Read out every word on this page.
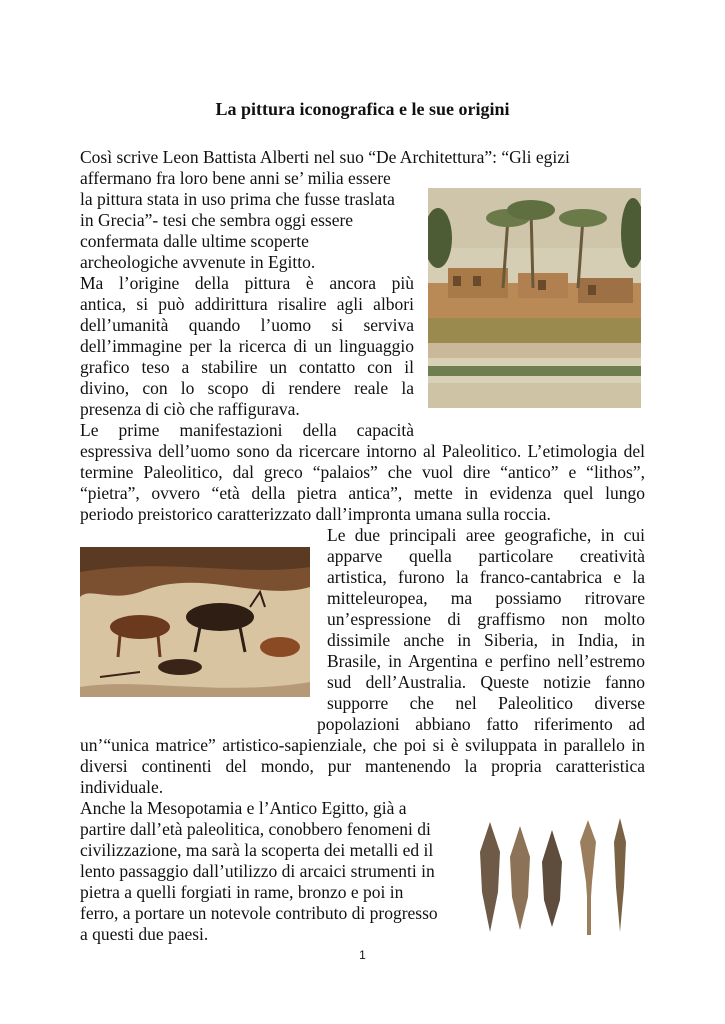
La pittura iconografica e le sue origini
Così scrive Leon Battista Alberti nel suo “De Architettura”: “Gli egizi
affermano fra loro bene anni se’ milia essere
la pittura stata in uso prima che fusse traslata
in Grecia”- tesi che sembra oggi essere
confermata dalle ultime scoperte
archeologiche avvenute in Egitto.
Ma l’origine della pittura è ancora più
antica, si può addirittura risalire agli albori
dell’umanità quando l’uomo si serviva
dell’immagine per la ricerca di un linguaggio
grafico teso a stabilire un contatto con il
divino, con lo scopo di rendere reale la
presenza di ciò che raffigurava.
Le prime manifestazioni della capacità
espressiva dell’uomo sono da ricercare intorno al Paleolitico. L’etimologia del
termine Paleolitico, dal greco “palaios” che vuol dire “antico” e “lithos”,
“pietra”, ovvero “età della pietra antica”, mette in evidenza quel lungo
periodo preistorico caratterizzato dall’impronta umana sulla roccia.
Le due principali aree geografiche, in cui
apparve quella particolare creatività
artistica, furono la franco-cantabrica e la
mitteleuropea, ma possiamo ritrovare
un’espressione di graffismo non molto
dissimile anche in Siberia, in India, in
Brasile, in Argentina e perfino nell’estremo
sud dell’Australia. Queste notizie fanno
supporre che nel Paleolitico diverse
popolazioni abbiano fatto riferimento ad
un’“unica matrice” artistico-sapienziale, che poi si è sviluppata in parallelo in
diversi continenti del mondo, pur mantenendo la propria caratteristica
individuale.
Anche la Mesopotamia e l’Antico Egitto, già a
partire dall’età paleolitica, conobbero fenomeni di
civilizzazione, ma sarà la scoperta dei metalli ed il
lento passaggio dall’utilizzo di arcaici strumenti in
pietra a quelli forgiati in rame, bronzo e poi in
ferro, a portare un notevole contributo di progresso
a questi due paesi.
1
